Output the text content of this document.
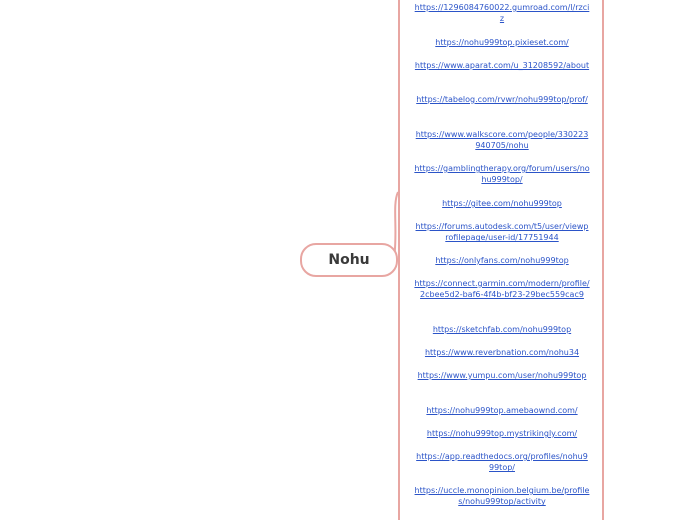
Nohu
https://1296084760022.gumroad.com/l/rzciz
https://nohu999top.pixieset.com/
https://www.aparat.com/u_31208592/about
https://tabelog.com/rvwr/nohu999top/prof/
https://www.walkscore.com/people/330223940705/nohu
https://gamblingtherapy.org/forum/users/nohu999top/
https://gitee.com/nohu999top
https://forums.autodesk.com/t5/user/viewprofilepage/user-id/17751944
https://onlyfans.com/nohu999top
https://connect.garmin.com/modern/profile/2cbee5d2-baf6-4f4b-bf23-29bec559cac9
https://sketchfab.com/nohu999top
https://www.reverbnation.com/nohu34
https://www.yumpu.com/user/nohu999top
https://nohu999top.amebaownd.com/
https://nohu999top.mystrikingly.com/
https://app.readthedocs.org/profiles/nohu999top/
https://uccle.monopinion.belgium.be/profiles/nohu999top/activity
